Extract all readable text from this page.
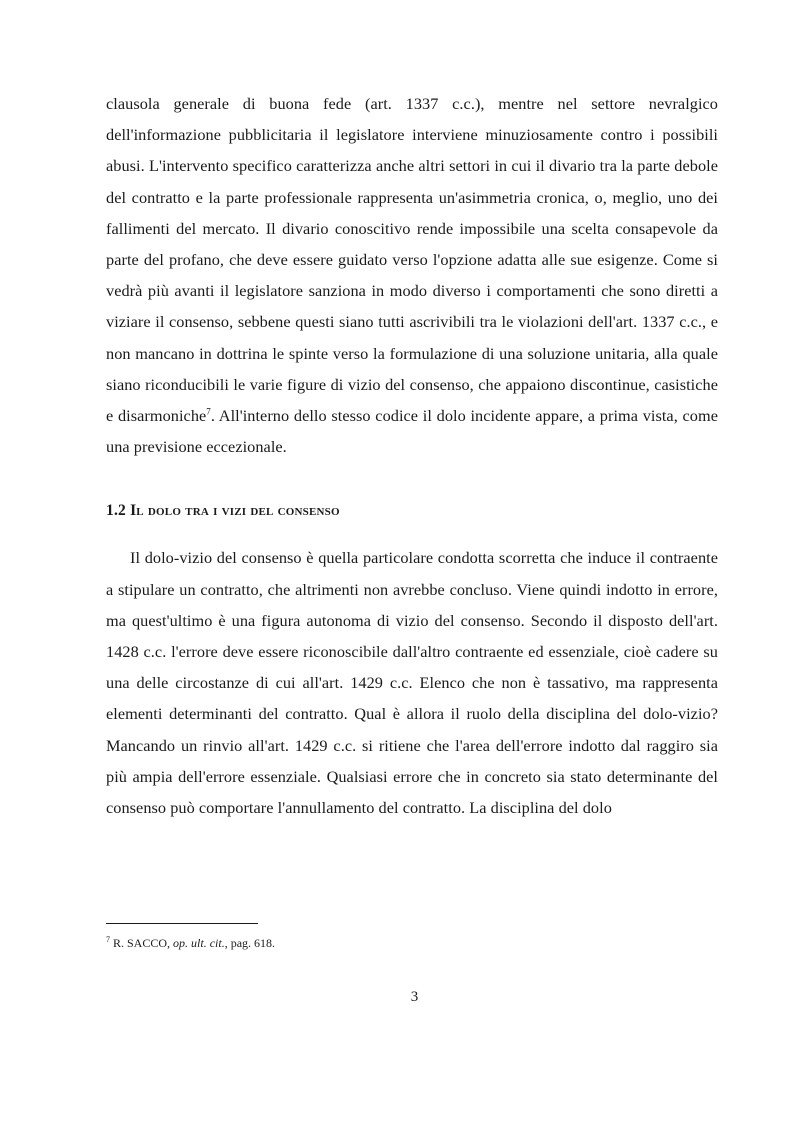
clausola generale di buona fede (art. 1337 c.c.), mentre nel settore nevralgico dell'informazione pubblicitaria il legislatore interviene minuziosamente contro i possibili abusi. L'intervento specifico caratterizza anche altri settori in cui il divario tra la parte debole del contratto e la parte professionale rappresenta un'asimmetria cronica, o, meglio, uno dei fallimenti del mercato. Il divario conoscitivo rende impossibile una scelta consapevole da parte del profano, che deve essere guidato verso l'opzione adatta alle sue esigenze. Come si vedrà più avanti il legislatore sanziona in modo diverso i comportamenti che sono diretti a viziare il consenso, sebbene questi siano tutti ascrivibili tra le violazioni dell'art. 1337 c.c., e non mancano in dottrina le spinte verso la formulazione di una soluzione unitaria, alla quale siano riconducibili le varie figure di vizio del consenso, che appaiono discontinue, casistiche e disarmoniche$^7$. All'interno dello stesso codice il dolo incidente appare, a prima vista, come una previsione eccezionale.

1.2 Il dolo tra i vizi del consenso

Il dolo-vizio del consenso è quella particolare condotta scorretta che induce il contraente a stipulare un contratto, che altrimenti non avrebbe concluso. Viene quindi indotto in errore, ma quest'ultimo è una figura autonoma di vizio del consenso. Secondo il disposto dell'art. 1428 c.c. l'errore deve essere riconoscibile dall'altro contraente ed essenziale, cioè cadere su una delle circostanze di cui all'art. 1429 c.c. Elenco che non è tassativo, ma rappresenta elementi determinanti del contratto. Qual è allora il ruolo della disciplina del dolo-vizio? Mancando un rinvio all'art. 1429 c.c. si ritiene che l'area dell'errore indotto dal raggiro sia più ampia dell'errore essenziale. Qualsiasi errore che in concreto sia stato determinante del consenso può comportare l'annullamento del contratto. La disciplina del dolo

$^7$ R. SACCO, op. ult. cit., pag. 618.
3
